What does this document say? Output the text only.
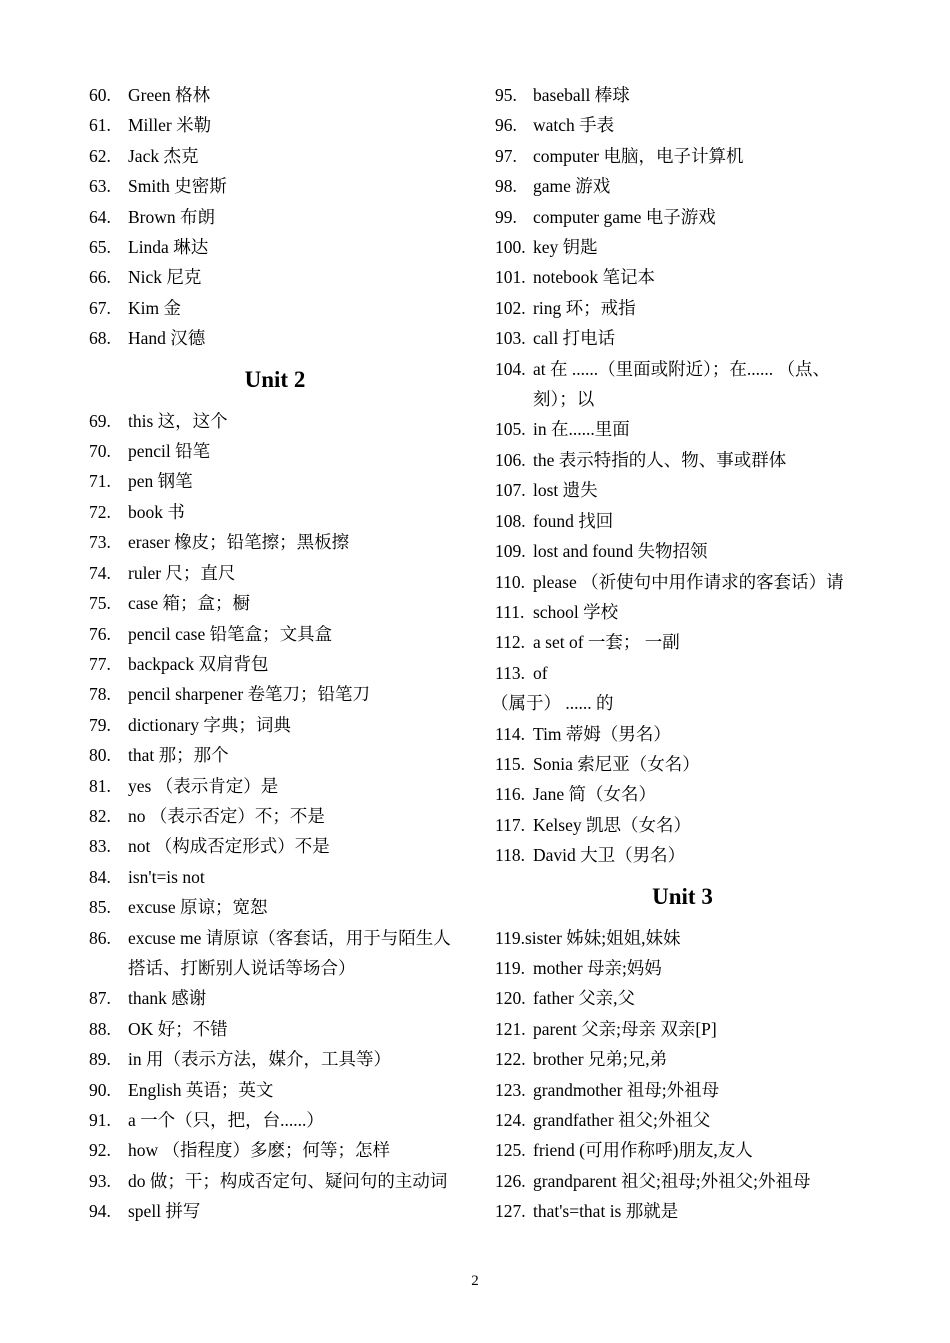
60. Green 格林
61. Miller 米勒
62. Jack 杰克
63. Smith 史密斯
64. Brown 布朗
65. Linda 琳达
66. Nick 尼克
67. Kim 金
68. Hand 汉德
Unit 2
69. this 这，这个
70. pencil 铅笔
71. pen 钢笔
72. book 书
73. eraser 橡皮；铅笔擦；黑板擦
74. ruler 尺；直尺
75. case 箱；盒；橱
76. pencil case 铅笔盒；文具盒
77. backpack 双肩背包
78. pencil sharpener 卷笔刀；铅笔刀
79. dictionary 字典；词典
80. that 那；那个
81. yes （表示肯定）是
82. no （表示否定）不；不是
83. not （构成否定形式）不是
84. isn't=is not
85. excuse 原谅；宽恕
86. excuse me 请原谅（客套话，用于与陌生人搭话、打断别人说话等场合）
87. thank 感谢
88. OK 好；不错
89. in 用（表示方法，媒介，工具等）
90. English 英语；英文
91. a 一个（只，把，台......）
92. how （指程度）多麽；何等；怎样
93. do 做；干；构成否定句、疑问句的主动词
94. spell 拼写
95. baseball 棒球
96. watch 手表
97. computer 电脑，电子计算机
98. game 游戏
99. computer game 电子游戏
100. key 钥匙
101. notebook 笔记本
102. ring 环；戒指
103. call 打电话
104. at 在 ......（里面或附近）；在...... （点、刻）；以
105. in 在......里面
106. the 表示特指的人、物、事或群体
107. lost 遗失
108. found 找回
109. lost and found 失物招领
110. please （祈使句中用作请求的客套话）请
111. school 学校
112. a set of 一套； 一副
113. of
（属于） ...... 的
114. Tim 蒂姆（男名）
115. Sonia 索尼亚（女名）
116. Jane 简（女名）
117. Kelsey 凯思（女名）
118. David 大卫（男名）
Unit 3
119.sister 姊妹;姐姐,妹妹
119. mother 母亲;妈妈
120. father 父亲,父
121. parent 父亲;母亲 双亲[P]
122. brother 兄弟;兄,弟
123. grandmother 祖母;外祖母
124. grandfather 祖父;外祖父
125. friend (可用作称呼)朋友,友人
126. grandparent 祖父;祖母;外祖父;外祖母
127. that's=that is 那就是
2
